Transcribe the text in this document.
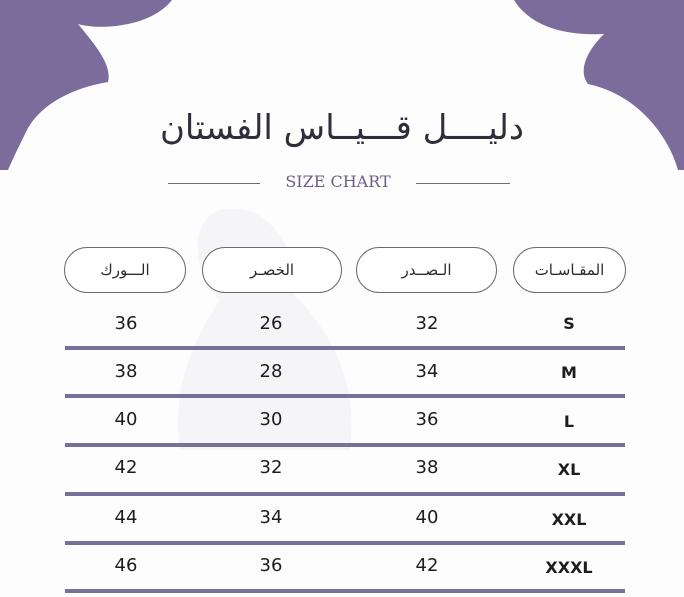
دليــــل قـــيــاس الفستان
SIZE CHART
المقـاسـات
الـصــدر
الخصـر
الـــورك
S
32
26
36
M
34
28
38
L
36
30
40
XL
38
32
42
XXL
40
34
44
XXXL
42
36
46
